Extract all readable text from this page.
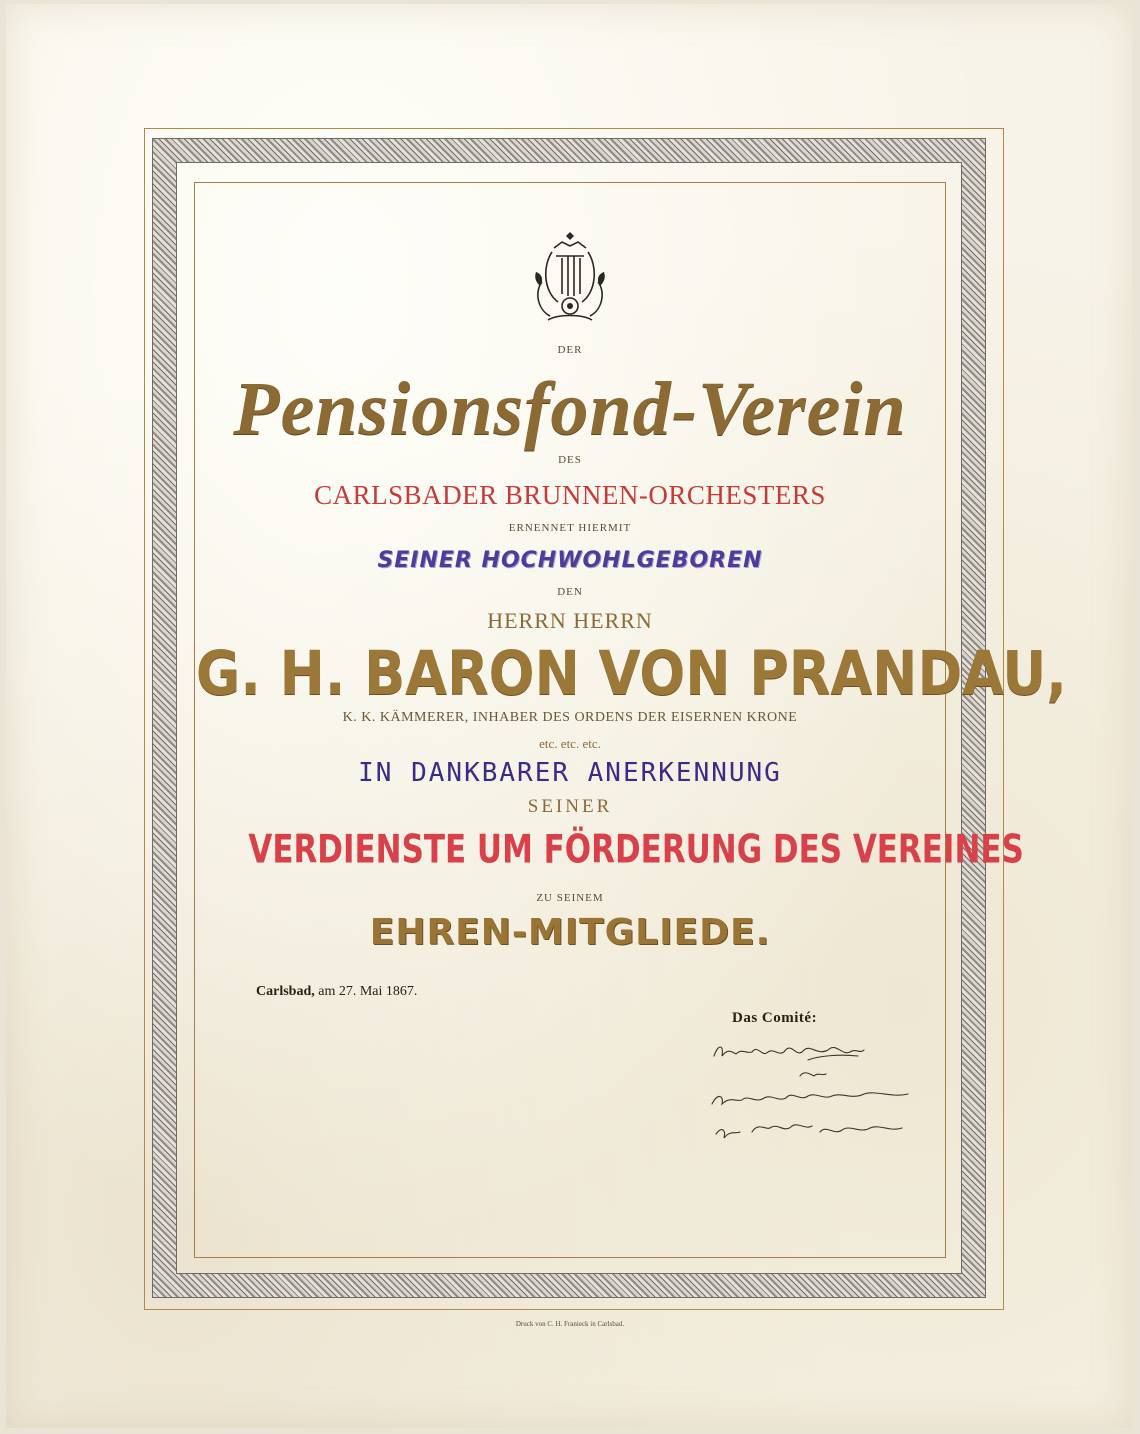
DER
Pensionsfond-Verein
DES
CARLSBADER BRUNNEN-ORCHESTERS
ERNENNET HIERMIT
SEINER HOCHWOHLGEBOREN
DEN
HERRN HERRN
G. H. BARON VON PRANDAU,
K. K. KÄMMERER, INHABER DES ORDENS DER EISERNEN KRONE
etc. etc. etc.
IN DANKBARER ANERKENNUNG
SEINER
VERDIENSTE UM FÖRDERUNG DES VEREINES
ZU SEINEM
EHREN-MITGLIEDE.
Carlsbad, am 27. Mai 1867.
Das Comité:
Druck von C. H. Franieck in Carlsbad.
